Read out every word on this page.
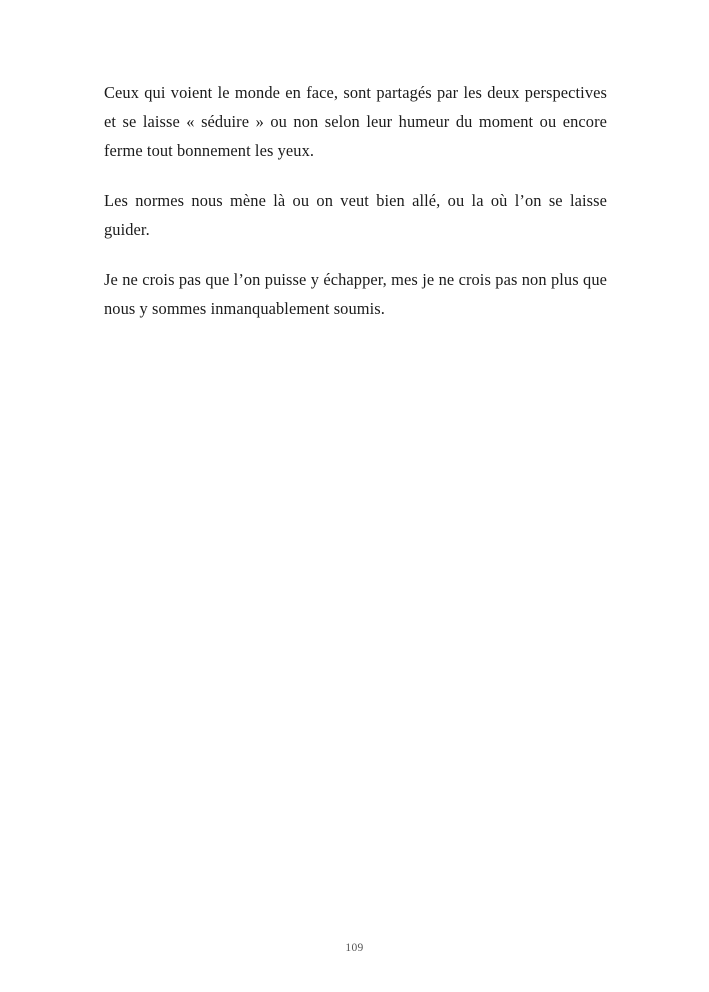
Ceux qui voient le monde en face, sont partagés par les deux perspectives et se laisse « séduire » ou non selon leur humeur du moment ou encore ferme tout bonnement les yeux.

Les normes nous mène là ou on veut bien allé, ou la où l’on se laisse guider.

Je ne crois pas que l’on puisse y échapper, mes je ne crois pas non plus que nous y sommes inmanquablement soumis.

109
